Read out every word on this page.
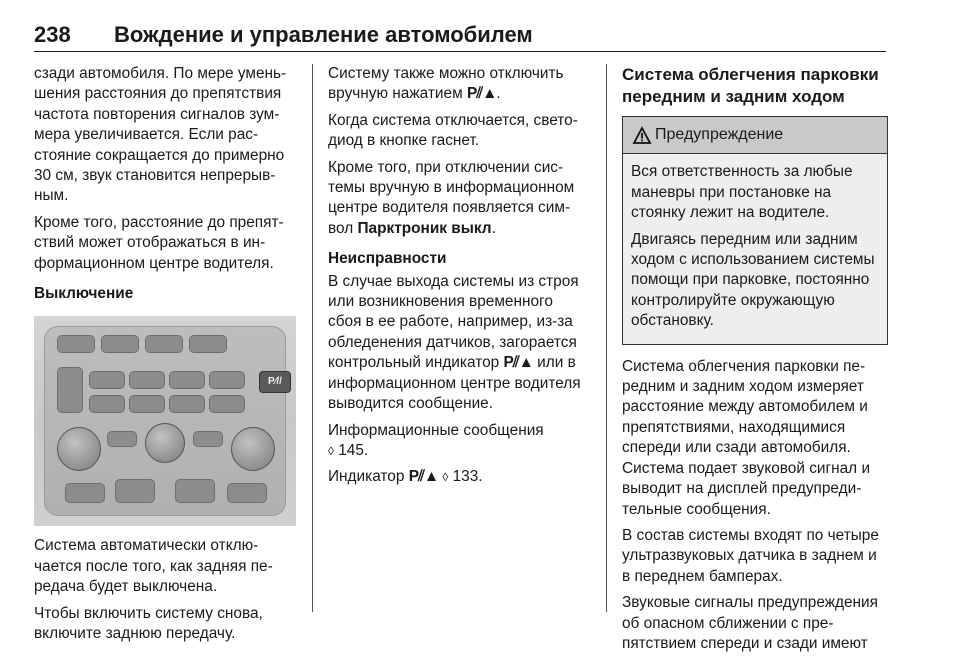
238	Вождение и управление автомобилем

сзади автомобиля. По мере уменьшения расстояния до препятствия частота повторения сигналов зуммера увеличивается. Если расстояние сокращается до примерно 30 см, звук становится непрерывным.

Кроме того, расстояние до препятствий может отображаться в информационном центре водителя.

Выключение

P⁄//

Система автоматически отключается после того, как задняя передача будет выключена.

Чтобы включить систему снова, включите заднюю передачу.

Систему также можно отключить вручную нажатием P⫽▲.

Когда система отключается, светодиод в кнопке гаснет.

Кроме того, при отключении системы вручную в информационном центре водителя появляется символ Парктроник выкл.

Неисправности

В случае выхода системы из строя или возникновения временного сбоя в ее работе, например, из-за обледенения датчиков, загорается контрольный индикатор P⫽▲ или в информационном центре водителя выводится сообщение.

Информационные сообщения
◊ 145.

Индикатор P⫽▲ ◊ 133.

Система облегчения парковки передним и задним ходом
Предупреждение

Вся ответственность за любые маневры при постановке на стоянку лежит на водителе.

Двигаясь передним или задним ходом с использованием системы помощи при парковке, постоянно контролируйте окружающую обстановку.

Система облегчения парковки передним и задним ходом измеряет расстояние между автомобилем и препятствиями, находящимися спереди или сзади автомобиля. Система подает звуковой сигнал и выводит на дисплей предупредительные сообщения.

В состав системы входят по четыре ультразвуковых датчика в заднем и в переднем бамперах.

Звуковые сигналы предупреждения об опасном сближении с препятствием спереди и сзади имеют
